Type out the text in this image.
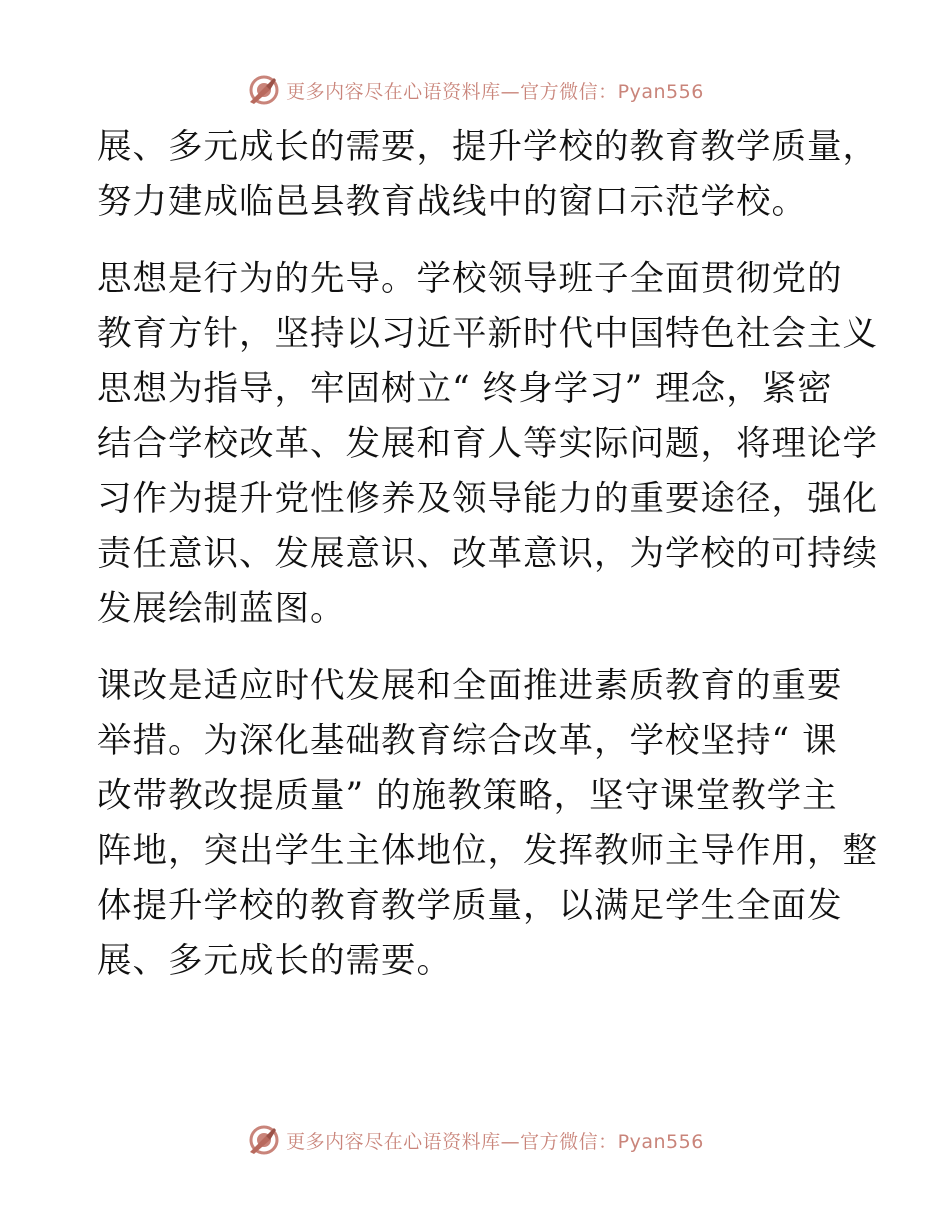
更多内容尽在心语资料库—官方微信：Pyan556

展、多元成长的需要，提升学校的教育教学质量，
努力建成临邑县教育战线中的窗口示范学校。

思想是行为的先导。学校领导班子全面贯彻党的
教育方针，坚持以习近平新时代中国特色社会主义
思想为指导，牢固树立“ 终身学习” 理念，紧密
结合学校改革、发展和育人等实际问题，将理论学
习作为提升党性修养及领导能力的重要途径，强化
责任意识、发展意识、改革意识，为学校的可持续
发展绘制蓝图。

课改是适应时代发展和全面推进素质教育的重要
举措。为深化基础教育综合改革，学校坚持“ 课
改带教改提质量” 的施教策略，坚守课堂教学主
阵地，突出学生主体地位，发挥教师主导作用，整
体提升学校的教育教学质量，以满足学生全面发
展、多元成长的需要。

更多内容尽在心语资料库—官方微信：Pyan556
